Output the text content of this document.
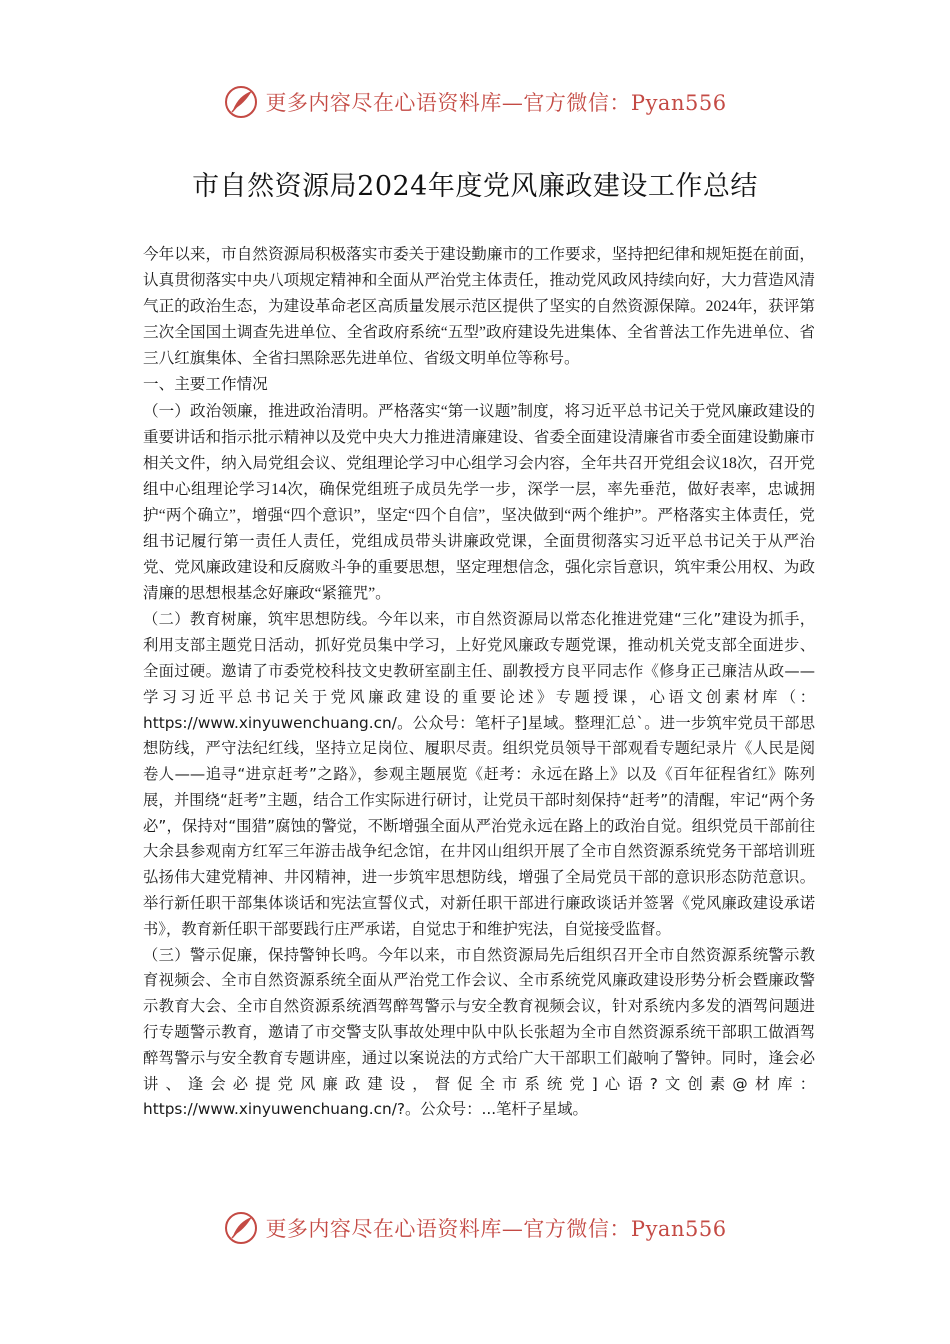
更多内容尽在心语资料库—官方微信：Pyan556
市自然资源局2024年度党风廉政建设工作总结

今年以来，市自然资源局积极落实市委关于建设勤廉市的工作要求，坚持把纪律和规矩挺在前面，认真贯彻落实中央八项规定精神和全面从严治党主体责任，推动党风政风持续向好，大力营造风清气正的政治生态，为建设革命老区高质量发展示范区提供了坚实的自然资源保障。2024年，获评第三次全国国土调查先进单位、全省政府系统“五型”政府建设先进集体、全省普法工作先进单位、省三八红旗集体、全省扫黑除恶先进单位、省级文明单位等称号。

一、主要工作情况

（一）政治领廉，推进政治清明。严格落实“第一议题”制度，将习近平总书记关于党风廉政建设的重要讲话和指示批示精神以及党中央大力推进清廉建设、省委全面建设清廉省市委全面建设勤廉市相关文件，纳入局党组会议、党组理论学习中心组学习会内容，全年共召开党组会议18次，召开党组中心组理论学习14次，确保党组班子成员先学一步，深学一层，率先垂范，做好表率，忠诚拥护“两个确立”，增强“四个意识”，坚定“四个自信”，坚决做到“两个维护”。严格落实主体责任，党组书记履行第一责任人责任，党组成员带头讲廉政党课，全面贯彻落实习近平总书记关于从严治党、党风廉政建设和反腐败斗争的重要思想，坚定理想信念，强化宗旨意识，筑牢秉公用权、为政清廉的思想根基念好廉政“紧箍咒”。

（二）教育树廉，筑牢思想防线。今年以来，市自然资源局以常态化推进党建“三化”建设为抓手，利用支部主题党日活动，抓好党员集中学习，上好党风廉政专题党课，推动机关党支部全面进步、全面过硬。邀请了市委党校科技文史教研室副主任、副教授方良平同志作《修身正己廉洁从政——学习习近平总书记关于党风廉政建设的重要论述》专题授课，心语文创素材库（：https://www.xinyuwenchuang.cn/。公众号：笔杆子]星域。整理汇总`。进一步筑牢党员干部思想防线，严守法纪红线，坚持立足岗位、履职尽责。组织党员领导干部观看专题纪录片《人民是阅卷人——追寻“进京赶考”之路》，参观主题展览《赶考：永远在路上》以及《百年征程省红》陈列展，并围绕“赶考”主题，结合工作实际进行研讨，让党员干部时刻保持“赶考”的清醒，牢记“两个务必”，保持对“围猎”腐蚀的警觉，不断增强全面从严治党永远在路上的政治自觉。组织党员干部前往大余县参观南方红军三年游击战争纪念馆，在井冈山组织开展了全市自然资源系统党务干部培训班弘扬伟大建党精神、井冈精神，进一步筑牢思想防线，增强了全局党员干部的意识形态防范意识。举行新任职干部集体谈话和宪法宣誓仪式，对新任职干部进行廉政谈话并签署《党风廉政建设承诺书》，教育新任职干部要践行庄严承诺，自觉忠于和维护宪法，自觉接受监督。

（三）警示促廉，保持警钟长鸣。今年以来，市自然资源局先后组织召开全市自然资源系统警示教育视频会、全市自然资源系统全面从严治党工作会议、全市系统党风廉政建设形势分析会暨廉政警示教育大会、全市自然资源系统酒驾醉驾警示与安全教育视频会议，针对系统内多发的酒驾问题进行专题警示教育，邀请了市交警支队事故处理中队中队长张超为全市自然资源系统干部职工做酒驾醉驾警示与安全教育专题讲座，通过以案说法的方式给广大干部职工们敲响了警钟。同时，逢会必讲、逢会必提党风廉政建设，督促全市系统党]心语?文创素@材库：https://www.xinyuwenchuang.cn/?。公众号：...笔杆子星域。

更多内容尽在心语资料库—官方微信：Pyan556
